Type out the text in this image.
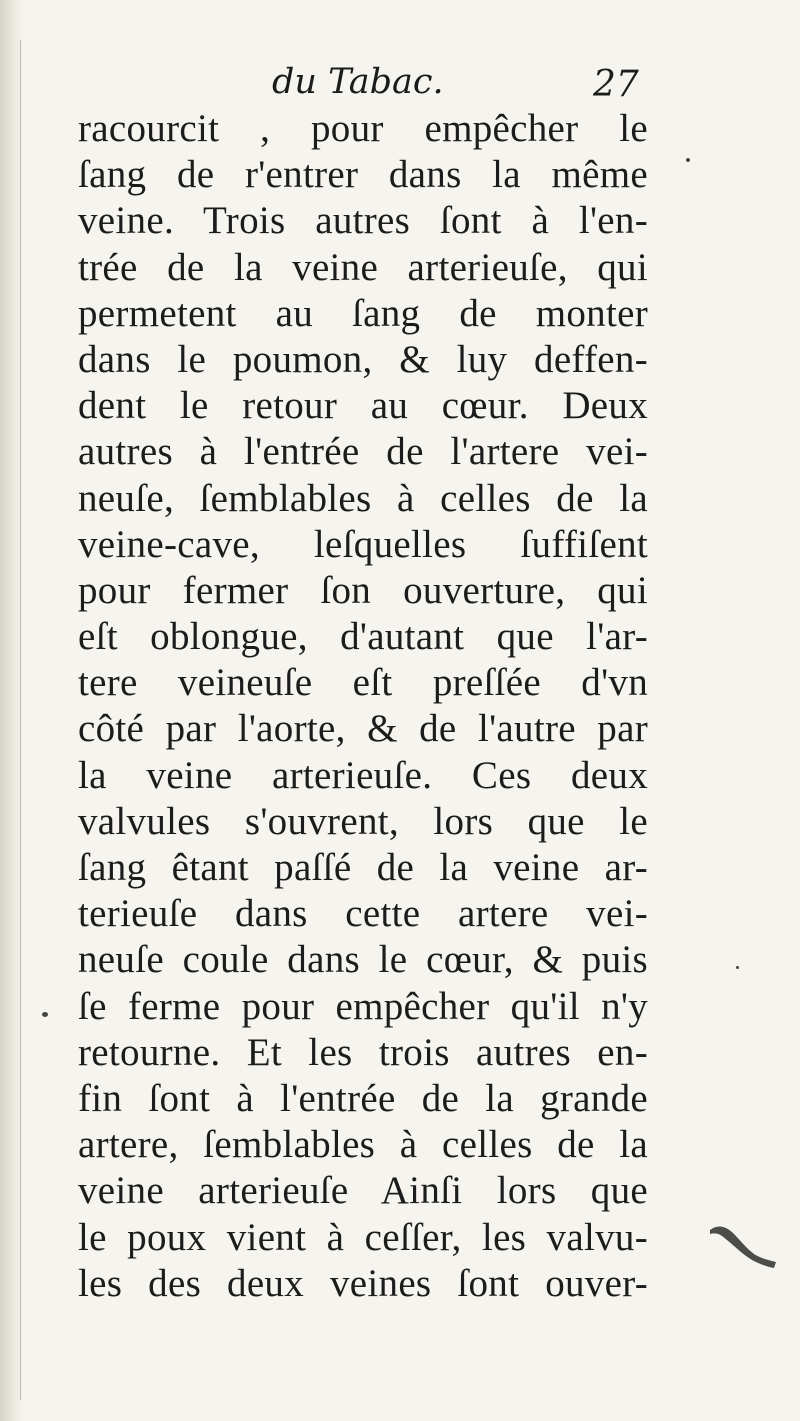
du Tabac.	27
racourcit , pour empêcher le
ſang de r'entrer dans la même
veine. Trois autres ſont à l'en-
trée de la veine arterieuſe, qui
permetent au ſang de monter
dans le poumon, & luy deffen-
dent le retour au cœur. Deux
autres à l'entrée de l'artere vei-
neuſe, ſemblables à celles de la
veine-cave, leſquelles ſuffiſent
pour fermer ſon ouverture, qui
eſt oblongue, d'autant que l'ar-
tere veineuſe eſt preſſée d'vn
côté par l'aorte, & de l'autre par
la veine arterieuſe. Ces deux
valvules s'ouvrent, lors que le
ſang êtant paſſé de la veine ar-
terieuſe dans cette artere vei-
neuſe coule dans le cœur, & puis
ſe ferme pour empêcher qu'il n'y
retourne. Et les trois autres en-
fin ſont à l'entrée de la grande
artere, ſemblables à celles de la
veine arterieuſe Ainſi lors que
le poux vient à ceſſer, les valvu-
les des deux veines ſont ouver-
